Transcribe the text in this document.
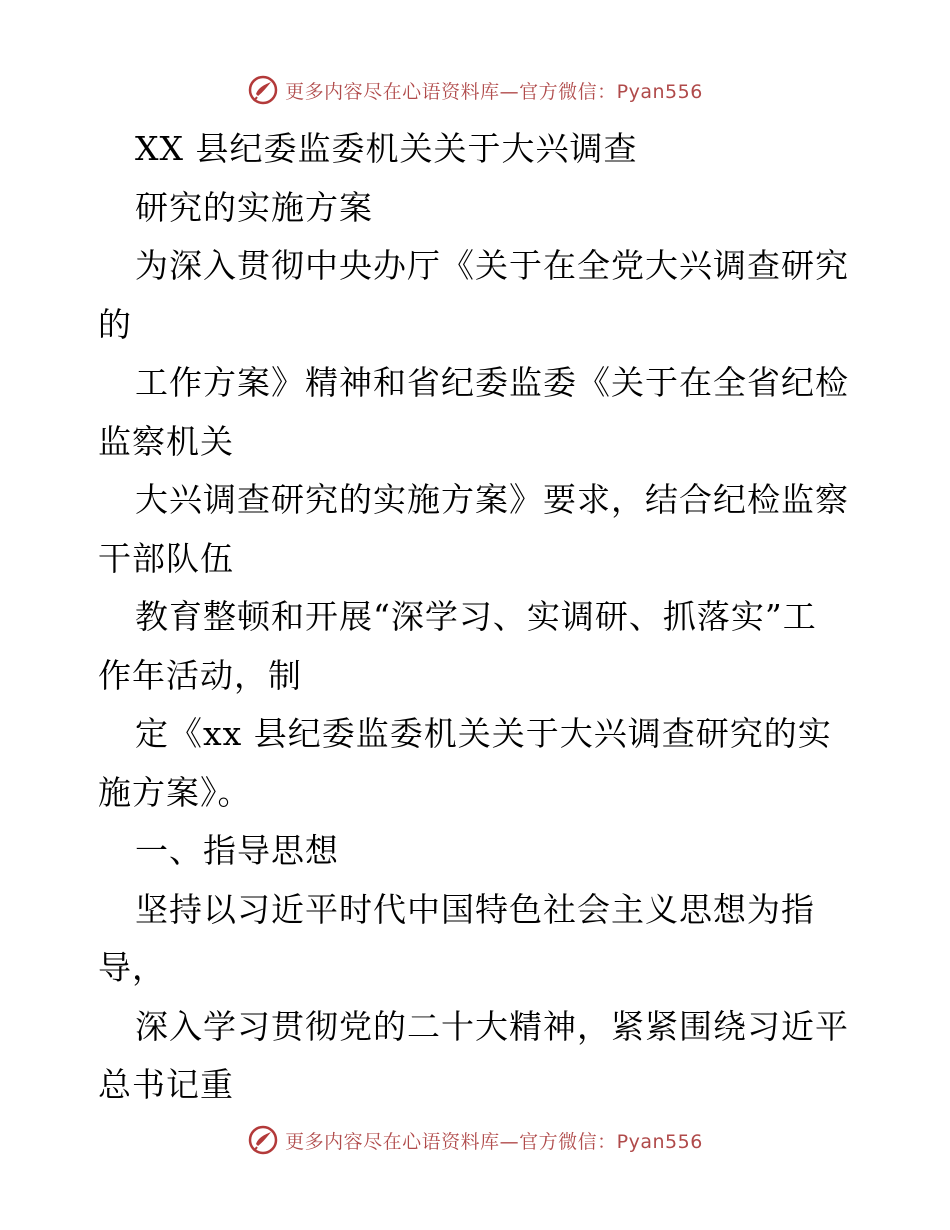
更多内容尽在心语资料库—官方微信：Pyan556
XX 县纪委监委机关关于大兴调查
研究的实施方案
为深入贯彻中央办厅《关于在全党大兴调查研究
的
工作方案》精神和省纪委监委《关于在全省纪检
监察机关
大兴调查研究的实施方案》要求，结合纪检监察
干部队伍
教育整顿和开展“深学习、实调研、抓落实”工
作年活动，制
定《xx 县纪委监委机关关于大兴调查研究的实
施方案》。
一、指导思想
坚持以习近平时代中国特色社会主义思想为指
导，
深入学习贯彻党的二十大精神，紧紧围绕习近平
总书记重
更多内容尽在心语资料库—官方微信：Pyan556
